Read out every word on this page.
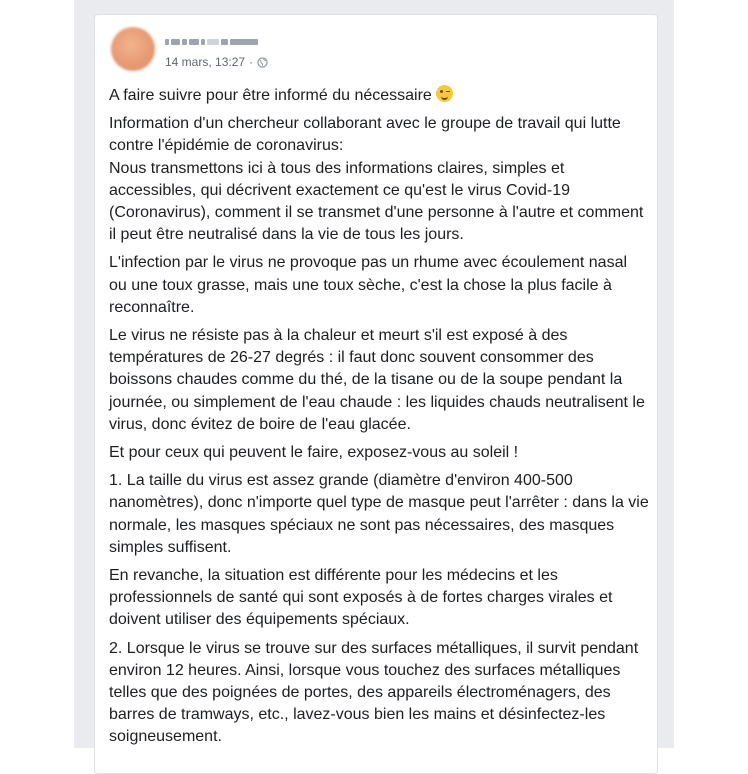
14 mars, 13:27 ·

A faire suivre pour être informé du nécessaire

Information d'un chercheur collaborant avec le groupe de travail qui lutte contre l'épidémie de coronavirus:
Nous transmettons ici à tous des informations claires, simples et accessibles, qui décrivent exactement ce qu'est le virus Covid-19 (Coronavirus), comment il se transmet d'une personne à l'autre et comment il peut être neutralisé dans la vie de tous les jours.

L'infection par le virus ne provoque pas un rhume avec écoulement nasal ou une toux grasse, mais une toux sèche, c'est la chose la plus facile à reconnaître.

Le virus ne résiste pas à la chaleur et meurt s'il est exposé à des températures de 26-27 degrés : il faut donc souvent consommer des boissons chaudes comme du thé, de la tisane ou de la soupe pendant la journée, ou simplement de l'eau chaude : les liquides chauds neutralisent le virus, donc évitez de boire de l'eau glacée.

Et pour ceux qui peuvent le faire, exposez-vous au soleil !

1. La taille du virus est assez grande (diamètre d'environ 400-500 nanomètres), donc n'importe quel type de masque peut l'arrêter : dans la vie normale, les masques spéciaux ne sont pas nécessaires, des masques simples suffisent.

En revanche, la situation est différente pour les médecins et les professionnels de santé qui sont exposés à de fortes charges virales et doivent utiliser des équipements spéciaux.

2. Lorsque le virus se trouve sur des surfaces métalliques, il survit pendant environ 12 heures. Ainsi, lorsque vous touchez des surfaces métalliques telles que des poignées de portes, des appareils électroménagers, des barres de tramways, etc., lavez-vous bien les mains et désinfectez-les soigneusement.
